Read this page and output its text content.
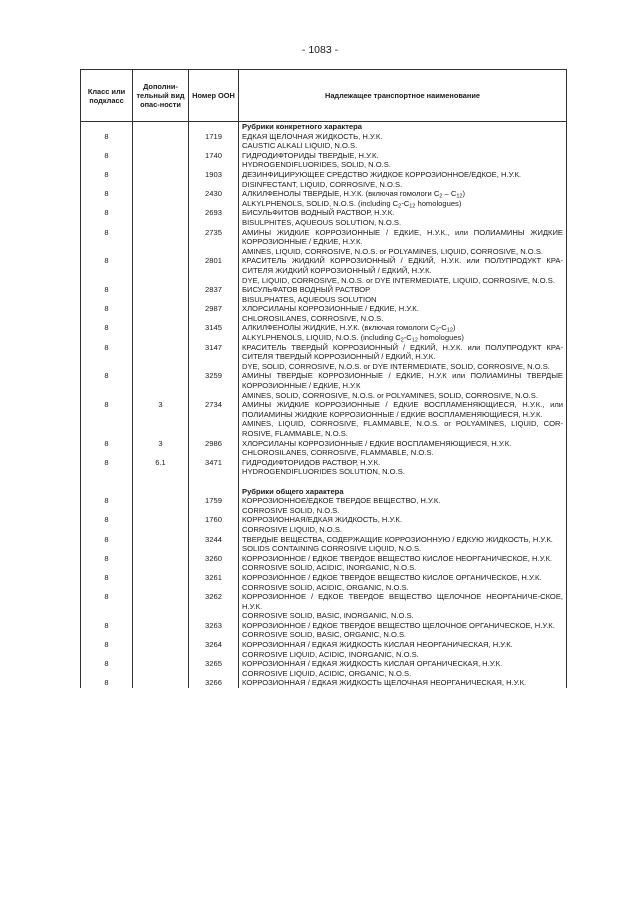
- 1083 -
Класс или подкласс	Дополни-тельный вид опас-ности	Номер ООН	Надлежащее транспортное наименование
			Рубрики конкретного характера
8		1719	ЕДКАЯ ЩЕЛОЧНАЯ ЖИДКОСТЬ, Н.У.К.
CAUSTIC ALKALI LIQUID, N.O.S.

8		1740	ГИДРОДИФТОРИДЫ ТВЕРДЫЕ, Н.У.К.
HYDROGENDIFLUORIDES, SOLID, N.O.S.

8		1903	ДЕЗИНФИЦИРУЮЩЕЕ СРЕДСТВО ЖИДКОЕ КОРРОЗИОННОЕ/ЕДКОЕ, Н.У.К.
DISINFECTANT, LIQUID, CORROSIVE, N.O.S.

8		2430	АЛКИЛФЕНОЛЫ ТВЕРДЫЕ, Н.У.К. (включая гомологи $C_2 - C_{12}$)
ALKYLPHENOLS, SOLID, N.O.S. (including $C_2-C_{12}$ homologues)

8		2693	БИСУЛЬФИТОВ ВОДНЫЙ РАСТВОР, Н.У.К.
BISULPHITES, AQUEOUS SOLUTION, N.O.S.

8		2735	АМИНЫ ЖИДКИЕ КОРРОЗИОННЫЕ / ЕДКИЕ, Н.У.К., или ПОЛИАМИНЫ ЖИДКИЕ КОРРОЗИОННЫЕ / ЕДКИЕ, Н.У.К.
AMINES, LIQUID, CORROSIVE, N.O.S. or POLYAMINES, LIQUID, CORROSIVE, N.O.S.

8		2801	КРАСИТЕЛЬ ЖИДКИЙ КОРРОЗИОННЫЙ / ЕДКИЙ, Н.У.К. или ПОЛУПРОДУКТ КРА-СИТЕЛЯ ЖИДКИЙ КОРРОЗИОННЫЙ / ЕДКИЙ, Н.У.К.
DYE, LIQUID, CORROSIVE, N.O.S. or DYE INTERMEDIATE, LIQUID, CORROSIVE, N.O.S.

8		2837	БИСУЛЬФАТОВ ВОДНЫЙ РАСТВОР
BISULPHATES, AQUEOUS SOLUTION

8		2987	ХЛОРСИЛАНЫ КОРРОЗИОННЫЕ / ЕДКИЕ, Н.У.К.
CHLOROSILANES, CORROSIVE, N.O.S.

8		3145	АЛКИЛФЕНОЛЫ ЖИДКИЕ, Н.У.К. (включая гомологи $C_2-C_{12}$)
ALKYLPHENOLS, LIQUID, N.O.S. (including $C_2-C_{12}$ homologues)

8		3147	КРАСИТЕЛЬ ТВЕРДЫЙ КОРРОЗИОННЫЙ / ЕДКИЙ, Н.У.К. или ПОЛУПРОДУКТ КРА-СИТЕЛЯ ТВЕРДЫЙ КОРРОЗИОННЫЙ / ЕДКИЙ, Н.У.К.
DYE, SOLID, CORROSIVE, N.O.S. or DYE INTERMEDIATE, SOLID, CORROSIVE, N.O.S.

8		3259	АМИНЫ ТВЕРДЫЕ КОРРОЗИОННЫЕ / ЕДКИЕ, Н.У.К или ПОЛИАМИНЫ ТВЕРДЫЕ КОРРОЗИОННЫЕ / ЕДКИЕ, Н.У.К
AMINES, SOLID, CORROSIVE, N.O.S. or POLYAMINES, SOLID, CORROSIVE, N.O.S.

8	3	2734	АМИНЫ ЖИДКИЕ КОРРОЗИОННЫЕ / ЕДКИЕ ВОСПЛАМЕНЯЮЩИЕСЯ, Н.У.К., или ПОЛИАМИНЫ ЖИДКИЕ КОРРОЗИОННЫЕ / ЕДКИЕ ВОСПЛАМЕНЯЮЩИЕСЯ, Н.У.К.
AMINES, LIQUID, CORROSIVE, FLAMMABLE, N.O.S. or POLYAMINES, LIQUID, COR-ROSIVE, FLAMMABLE, N.O.S.

8	3	2986	ХЛОРСИЛАНЫ КОРРОЗИОННЫЕ / ЕДКИЕ ВОСПЛАМЕНЯЮЩИЕСЯ, Н.У.К.
CHLOROSILANES, CORROSIVE, FLAMMABLE, N.O.S.

8	6.1	3471	ГИДРОДИФТОРИДОВ РАСТВОР, Н.У.К.
HYDROGENDIFLUORIDES SOLUTION, N.O.S.

			Рубрики общего характера
8		1759	КОРРОЗИОННОЕ/ЕДКОЕ ТВЕРДОЕ ВЕЩЕСТВО, Н.У.К.
CORROSIVE SOLID, N.O.S.

8		1760	КОРРОЗИОННАЯ/ЕДКАЯ ЖИДКОСТЬ, Н.У.К.
CORROSIVE LIQUID, N.O.S.

8		3244	ТВЕРДЫЕ ВЕЩЕСТВА, СОДЕРЖАЩИЕ КОРРОЗИОННУЮ / ЕДКУЮ ЖИДКОСТЬ, Н.У.К.
SOLIDS CONTAINING CORROSIVE LIQUID, N.O.S.

8		3260	КОРРОЗИОННОЕ / ЕДКОЕ ТВЕРДОЕ ВЕЩЕСТВО КИСЛОЕ НЕОРГАНИЧЕСКОЕ, Н.У.К.
CORROSIVE SOLID, ACIDIC, INORGANIC, N.O.S.

8		3261	КОРРОЗИОННОЕ / ЕДКОЕ ТВЕРДОЕ ВЕЩЕСТВО КИСЛОЕ ОРГАНИЧЕСКОЕ, Н.У.К.
CORROSIVE SOLID, ACIDIC, ORGANIC, N.O.S.

8		3262	КОРРОЗИОННОЕ / ЕДКОЕ ТВЕРДОЕ ВЕЩЕСТВО ЩЕЛОЧНОЕ НЕОРГАНИЧЕ-СКОЕ, Н.У.К.
CORROSIVE SOLID, BASIC, INORGANIC, N.O.S.

8		3263	КОРРОЗИОННОЕ / ЕДКОЕ ТВЕРДОЕ ВЕЩЕСТВО ЩЕЛОЧНОЕ ОРГАНИЧЕСКОЕ, Н.У.К.
CORROSIVE SOLID, BASIC, ORGANIC, N.O.S.

8		3264	КОРРОЗИОННАЯ / ЕДКАЯ ЖИДКОСТЬ КИСЛАЯ НЕОРГАНИЧЕСКАЯ, Н.У.К.
CORROSIVE LIQUID, ACIDIC, INORGANIC, N.O.S.

8		3265	КОРРОЗИОННАЯ / ЕДКАЯ ЖИДКОСТЬ КИСЛАЯ ОРГАНИЧЕСКАЯ, Н.У.К.
CORROSIVE LIQUID, ACIDIC, ORGANIC, N.O.S.

8		3266	КОРРОЗИОННАЯ / ЕДКАЯ ЖИДКОСТЬ ЩЕЛОЧНАЯ НЕОРГАНИЧЕСКАЯ, Н.У.К.
